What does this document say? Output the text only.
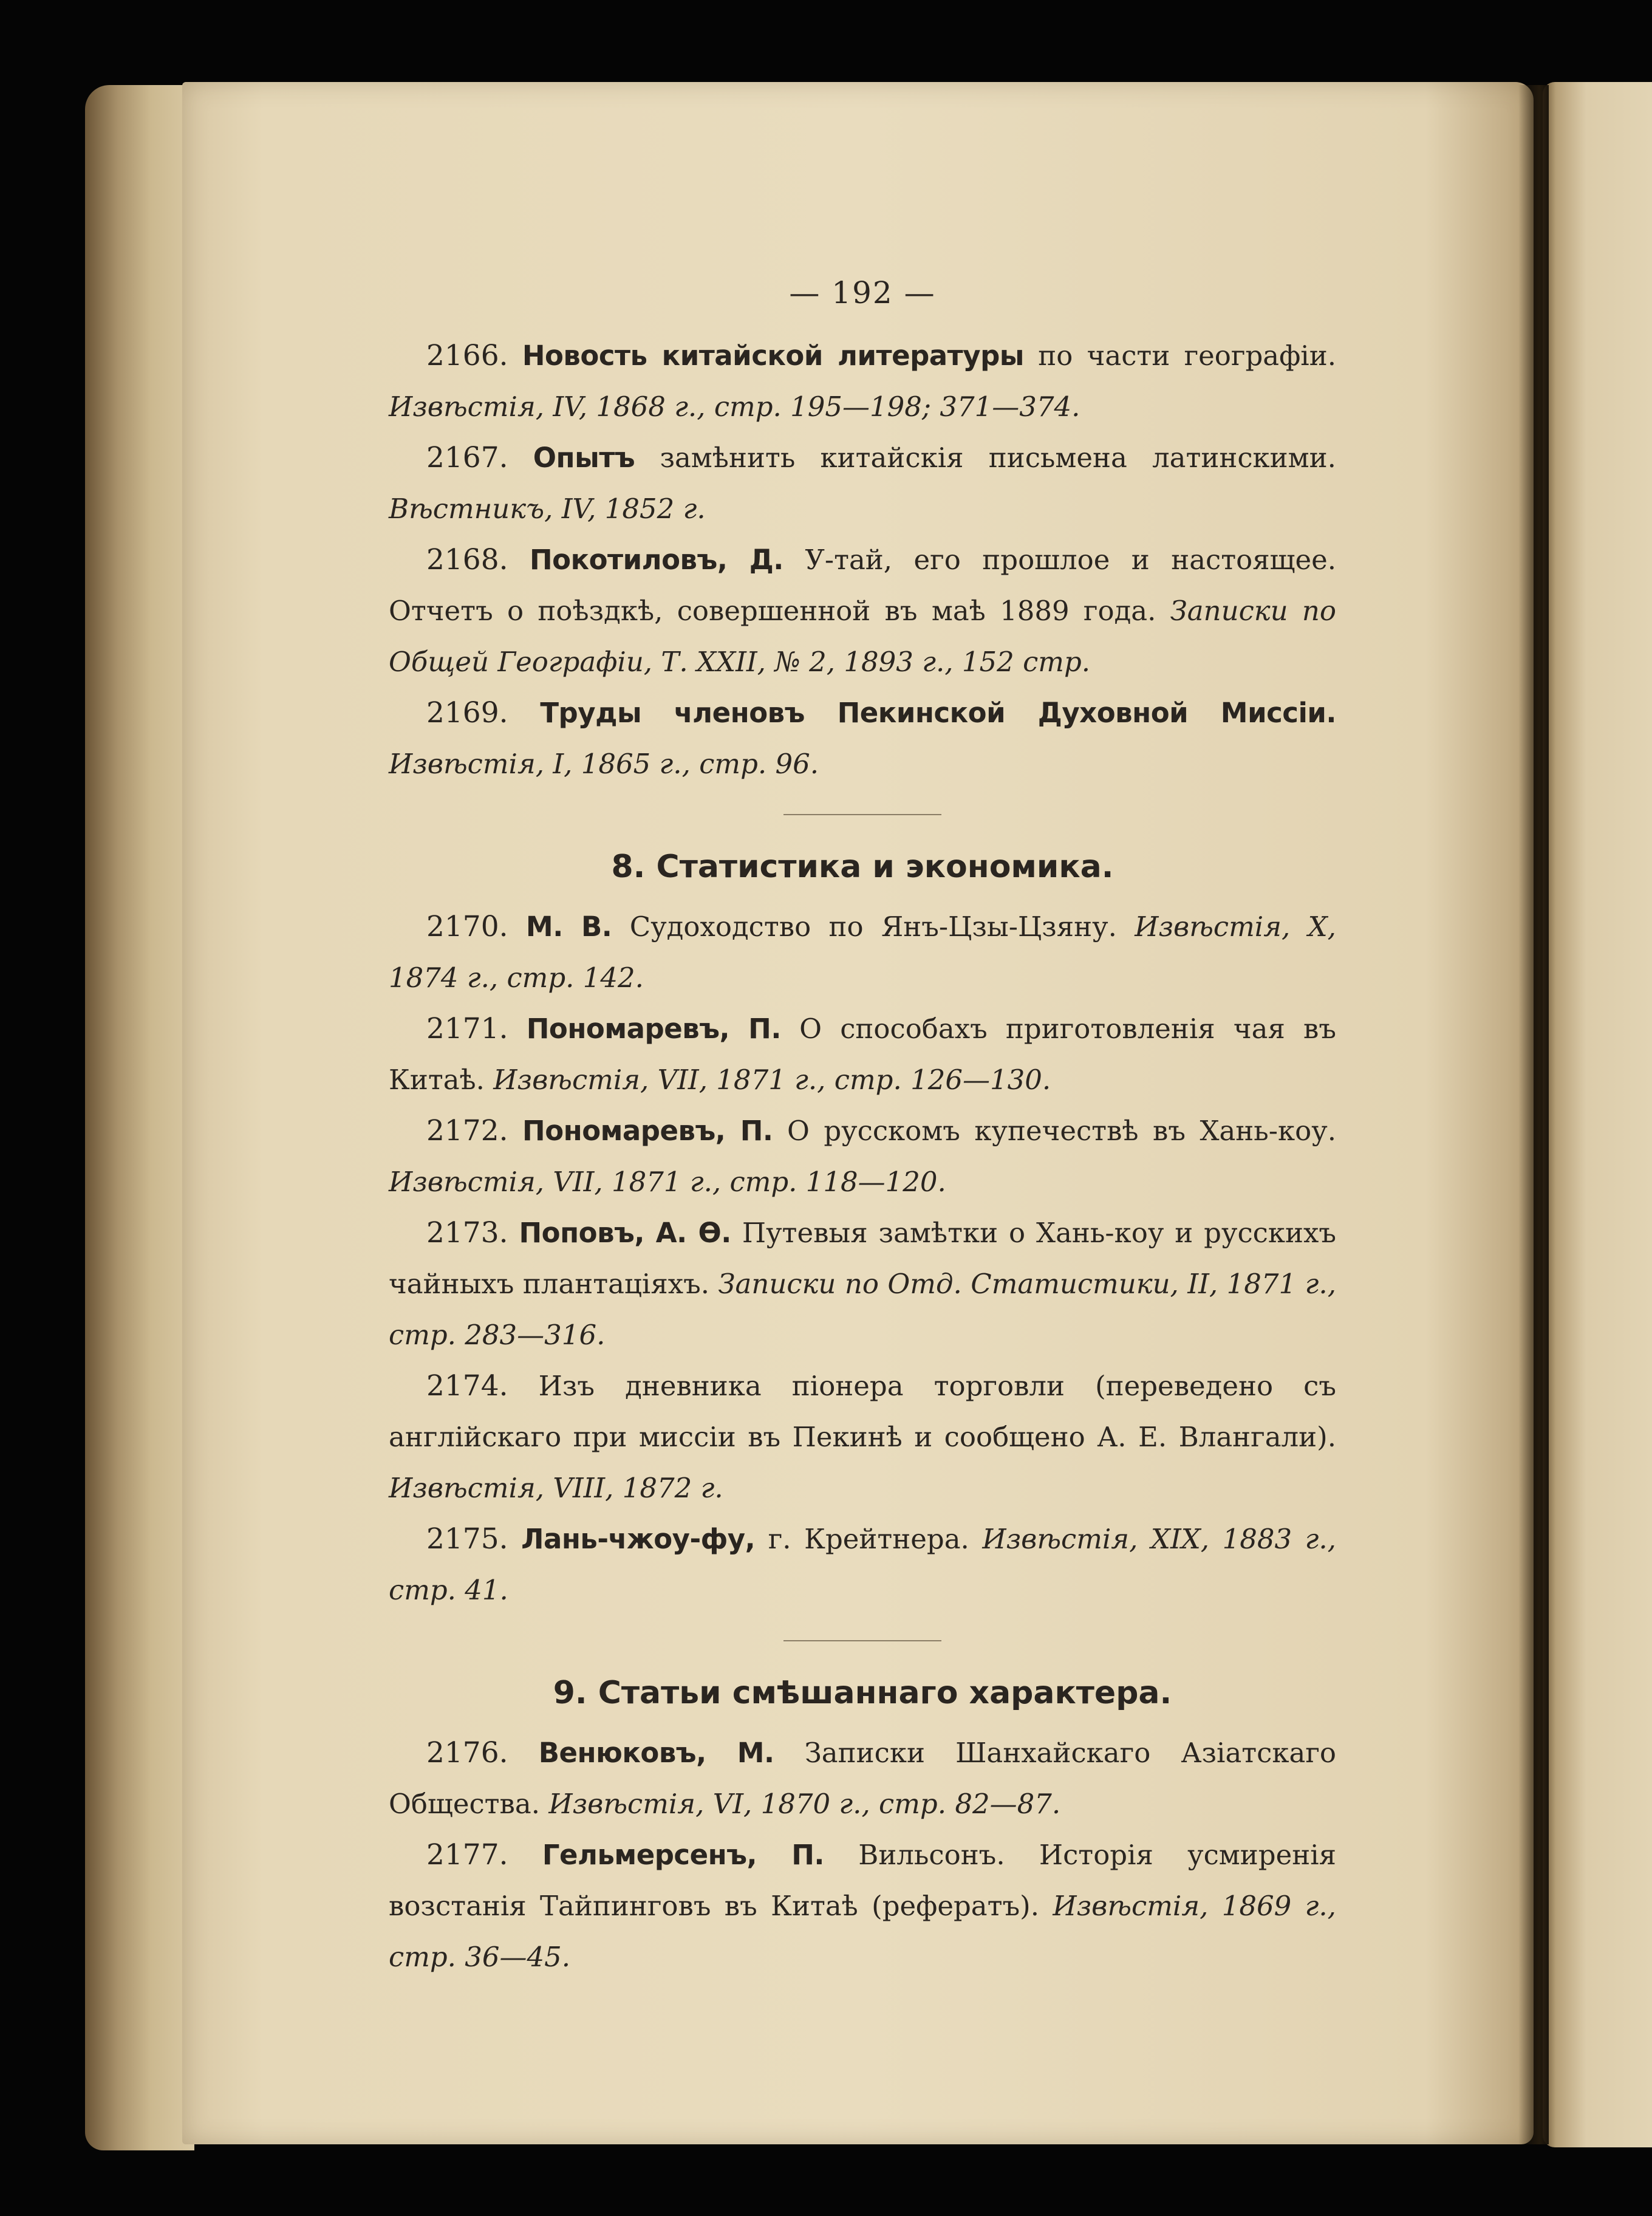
— 192 —

2166. Новость китайской литературы по части географіи. Извѣстія, IV, 1868 г., стр. 195—198; 371—374.

2167. Опытъ замѣнить китайскія письмена латинскими. Вѣстникъ, IV, 1852 г.

2168. Покотиловъ, Д. У-тай, его прошлое и настоящее. Отчетъ о поѣздкѣ, совершенной въ маѣ 1889 года. Записки по Общей Географіи, Т. XXII, № 2, 1893 г., 152 стр.

2169. Труды членовъ Пекинской Духовной Миссіи. Извѣстія, I, 1865 г., стр. 96.

8. Статистика и экономика.

2170. М. В. Судоходство по Янъ-Цзы-Цзяну. Извѣстія, X, 1874 г., стр. 142.

2171. Пономаревъ, П. О способахъ приготовленія чая въ Китаѣ. Извѣстія, VII, 1871 г., стр. 126—130.

2172. Пономаревъ, П. О русскомъ купечествѣ въ Хань-коу. Извѣстія, VII, 1871 г., стр. 118—120.

2173. Поповъ, А. Ѳ. Путевыя замѣтки о Хань-коу и русскихъ чайныхъ плантаціяхъ. Записки по Отд. Статистики, II, 1871 г., стр. 283—316.

2174. Изъ дневника піонера торговли (переведено съ англійскаго при миссіи въ Пекинѣ и сообщено А. Е. Влангали). Извѣстія, VIII, 1872 г.

2175. Лань-чжоу-фу, г. Крейтнера. Извѣстія, XIX, 1883 г., стр. 41.

9. Статьи смѣшаннаго характера.

2176. Венюковъ, М. Записки Шанхайскаго Азіатскаго Общества. Извѣстія, VI, 1870 г., стр. 82—87.

2177. Гельмерсенъ, П. Вильсонъ. Исторія усмиренія возстанія Тайпинговъ въ Китаѣ (рефератъ). Извѣстія, 1869 г., стр. 36—45.
